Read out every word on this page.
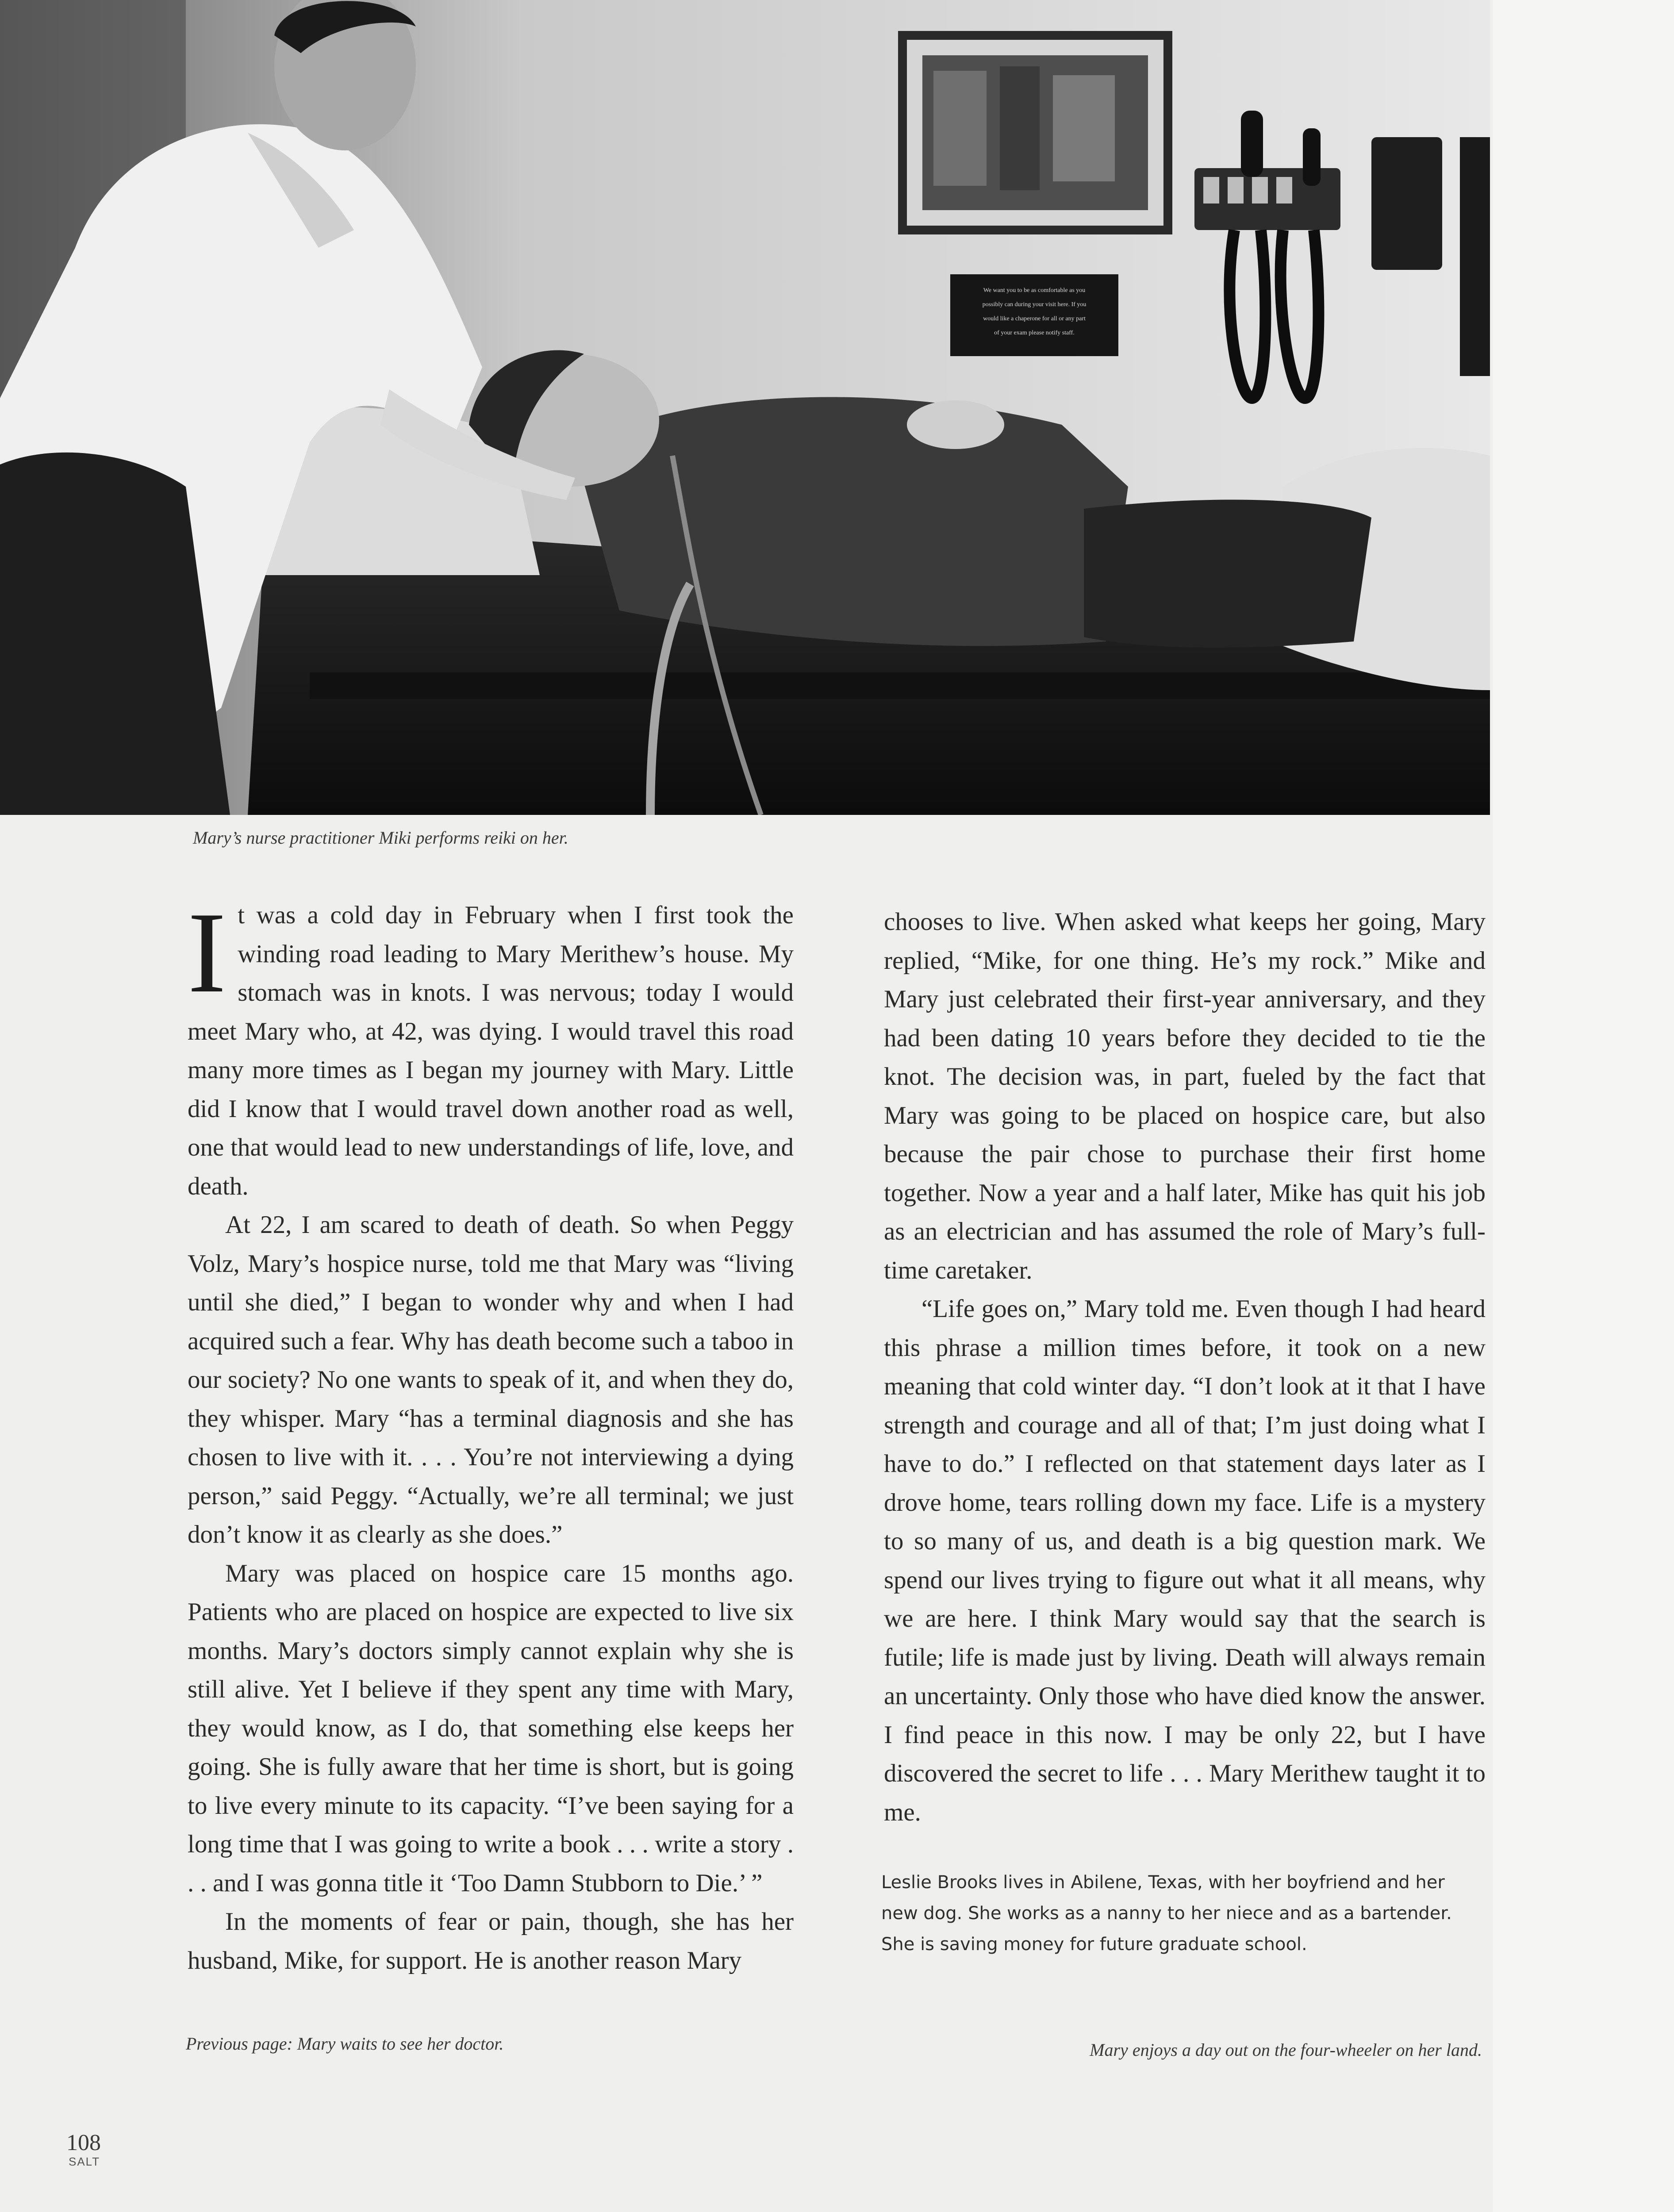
We want you to be as comfortable as you
possibly can during your visit here. If you
would like a chaperone for all or any part
of your exam please notify staff.
Mary’s nurse practitioner Miki performs reiki on her.

It was a cold day in February when I first took the winding road leading to Mary Merithew’s house. My stomach was in knots. I was nervous; today I would meet Mary who, at 42, was dying. I would travel this road many more times as I began my journey with Mary. Little did I know that I would travel down another road as well, one that would lead to new understandings of life, love, and death.

At 22, I am scared to death of death. So when Peggy Volz, Mary’s hospice nurse, told me that Mary was “living until she died,” I began to wonder why and when I had acquired such a fear. Why has death become such a taboo in our society? No one wants to speak of it, and when they do, they whisper. Mary “has a terminal diagnosis and she has chosen to live with it. . . . You’re not interviewing a dying person,” said Peggy. “Actually, we’re all terminal; we just don’t know it as clearly as she does.”

Mary was placed on hospice care 15 months ago. Patients who are placed on hospice are expected to live six months. Mary’s doctors simply cannot explain why she is still alive. Yet I believe if they spent any time with Mary, they would know, as I do, that something else keeps her going. She is fully aware that her time is short, but is going to live every minute to its capacity. “I’ve been saying for a long time that I was going to write a book . . . write a story . . . and I was gonna title it ‘Too Damn Stubborn to Die.’ ”

In the moments of fear or pain, though, she has her husband, Mike, for support. He is another reason Mary

chooses to live. When asked what keeps her going, Mary replied, “Mike, for one thing. He’s my rock.” Mike and Mary just celebrated their first-year anniversary, and they had been dating 10 years before they decided to tie the knot. The decision was, in part, fueled by the fact that Mary was going to be placed on hospice care, but also because the pair chose to purchase their first home together. Now a year and a half later, Mike has quit his job as an electrician and has assumed the role of Mary’s full-time caretaker.

“Life goes on,” Mary told me. Even though I had heard this phrase a million times before, it took on a new meaning that cold winter day. “I don’t look at it that I have strength and courage and all of that; I’m just doing what I have to do.” I reflected on that statement days later as I drove home, tears rolling down my face. Life is a mystery to so many of us, and death is a big question mark. We spend our lives trying to figure out what it all means, why we are here. I think Mary would say that the search is futile; life is made just by living. Death will always remain an uncertainty. Only those who have died know the answer. I find peace in this now. I may be only 22, but I have discovered the secret to life . . . Mary Merithew taught it to me.

Leslie Brooks lives in Abilene, Texas, with her boyfriend and her new dog. She works as a nanny to her niece and as a bartender. She is saving money for future graduate school.
Previous page: Mary waits to see her doctor.	Mary enjoys a day out on the four-wheeler on her land.
108
SALT
